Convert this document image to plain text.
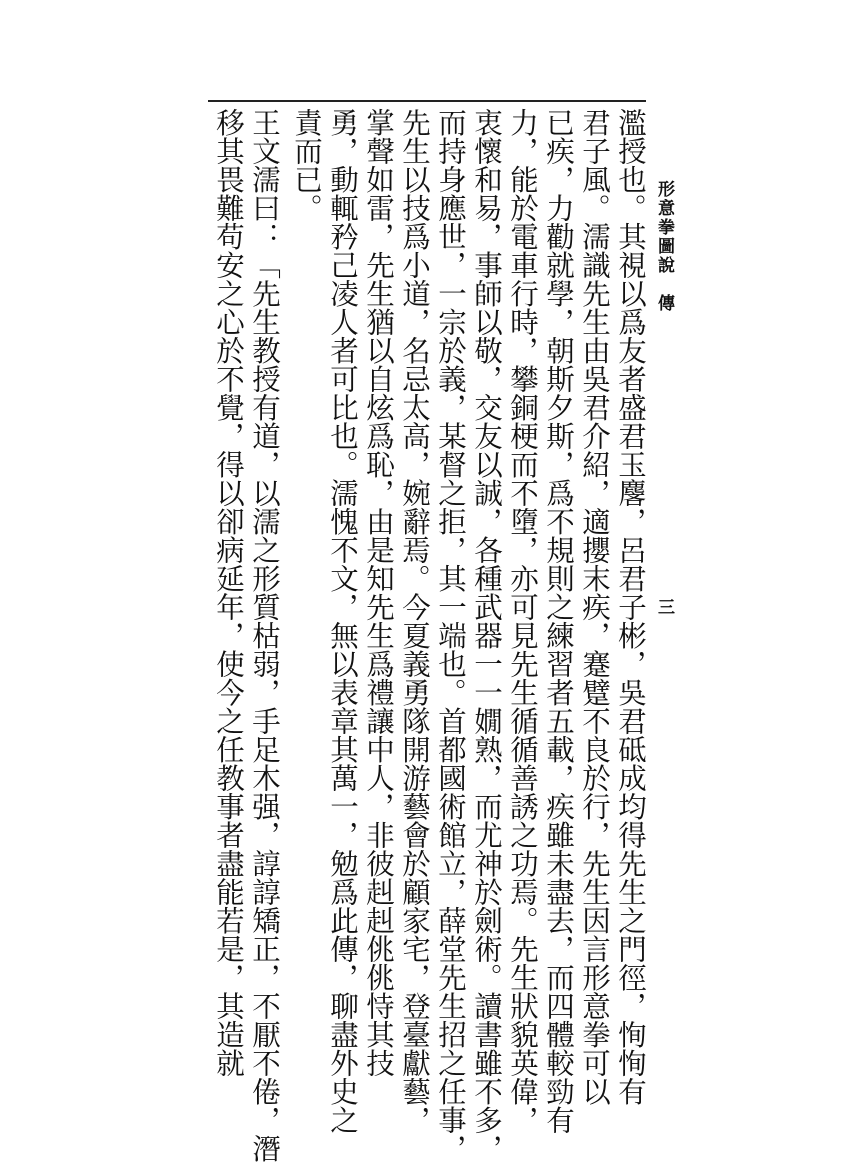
形意拳圖說　傳
三
濫授也。其視以爲友者盛君玉麐，呂君子彬，吳君砥成均得先生之門徑，恂恂有
君子風。濡識先生由吳君介紹，適攖末疾，蹇躄不良於行，先生因言形意拳可以
已疾，力勸就學，朝斯夕斯，爲不規則之練習者五載，疾雖未盡去，而四體較勁有
力，能於電車行時，攀銅梗而不墮，亦可見先生循循善誘之功焉。先生狀貌英偉，
衷懷和易，事師以敬，交友以誠，各種武器一一嫺熟，而尤神於劍術。讀書雖不多，
而持身應世，一宗於義，某督之拒，其一端也。首都國術館立，薛堂先生招之任事，
先生以技爲小道，名忌太高，婉辭焉。今夏義勇隊開游藝會於顧家宅，登臺獻藝，
掌聲如雷，先生猶以自炫爲恥，由是知先生爲禮讓中人，非彼赳赳佻佻恃其技
勇，動輒矜己凌人者可比也。濡愧不文，無以表章其萬一，勉爲此傳，聊盡外史之
責而已。
王文濡曰：「先生教授有道，以濡之形質枯弱，手足木强，諄諄矯正，不厭不倦，潛
移其畏難苟安之心於不覺，得以卻病延年，使今之任教事者盡能若是，其造就
